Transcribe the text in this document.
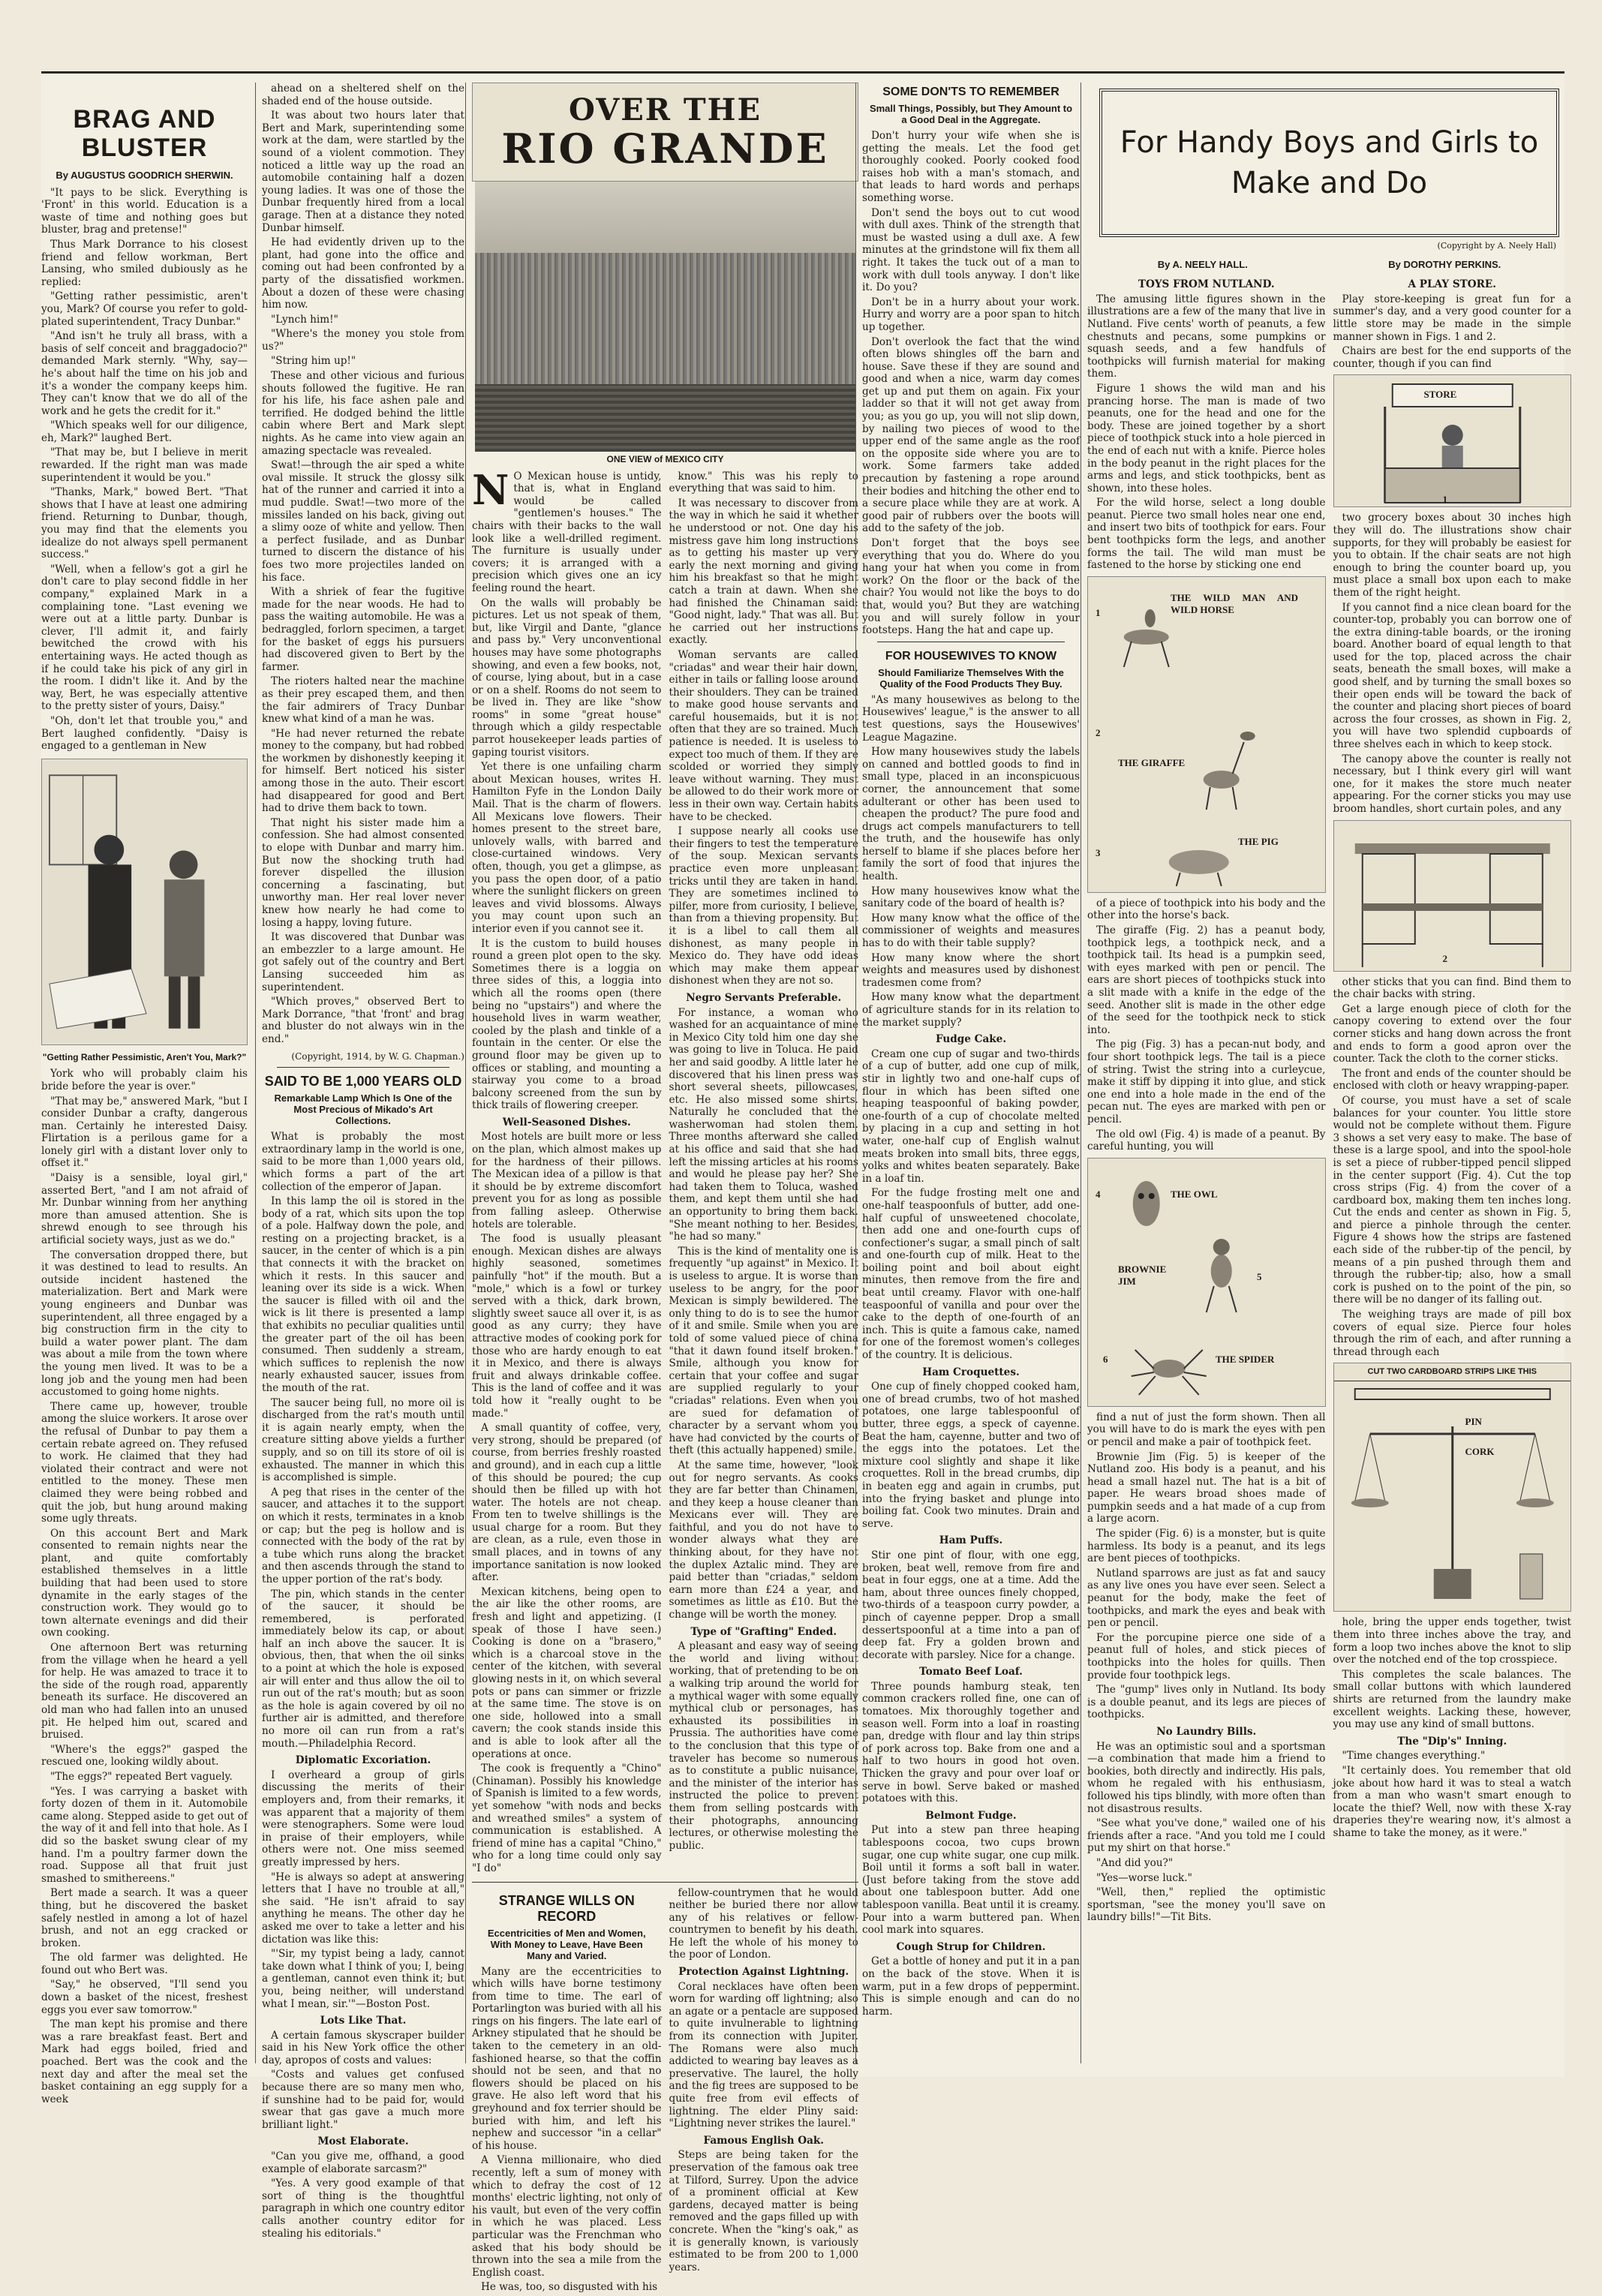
BRAG AND BLUSTER
By AUGUSTUS GOODRICH SHERWIN.

"It pays to be slick. Everything is 'Front' in this world. Education is a waste of time and nothing goes but bluster, brag and pretense!"

Thus Mark Dorrance to his closest friend and fellow workman, Bert Lansing, who smiled dubiously as he replied:

"Getting rather pessimistic, aren't you, Mark? Of course you refer to gold-plated superintendent, Tracy Dunbar."

"And isn't he truly all brass, with a basis of self conceit and braggadocio?" demanded Mark sternly. "Why, say—he's about half the time on his job and it's a wonder the company keeps him. They can't know that we do all of the work and he gets the credit for it."

"Which speaks well for our diligence, eh, Mark?" laughed Bert.

"That may be, but I believe in merit rewarded. If the right man was made superintendent it would be you."

"Thanks, Mark," bowed Bert. "That shows that I have at least one admiring friend. Returning to Dunbar, though, you may find that the elements you idealize do not always spell permanent success."

"Well, when a fellow's got a girl he don't care to play second fiddle in her company," explained Mark in a complaining tone. "Last evening we were out at a little party. Dunbar is clever, I'll admit it, and fairly bewitched the crowd with his entertaining ways. He acted though as if he could take his pick of any girl in the room. I didn't like it. And by the way, Bert, he was especially attentive to the pretty sister of yours, Daisy."

"Oh, don't let that trouble you," and Bert laughed confidently. "Daisy is engaged to a gentleman in New

"Getting Rather Pessimistic, Aren't You, Mark?"

York who will probably claim his bride before the year is over."

"That may be," answered Mark, "but I consider Dunbar a crafty, dangerous man. Certainly he interested Daisy. Flirtation is a perilous game for a lonely girl with a distant lover only to offset it."

"Daisy is a sensible, loyal girl," asserted Bert, "and I am not afraid of Mr. Dunbar winning from her anything more than amused attention. She is shrewd enough to see through his artificial society ways, just as we do."

The conversation dropped there, but it was destined to lead to results. An outside incident hastened the materialization. Bert and Mark were young engineers and Dunbar was superintendent, all three engaged by a big construction firm in the city to build a water power plant. The dam was about a mile from the town where the young men lived. It was to be a long job and the young men had been accustomed to going home nights.

There came up, however, trouble among the sluice workers. It arose over the refusal of Dunbar to pay them a certain rebate agreed on. They refused to work. He claimed that they had violated their contract and were not entitled to the money. These men claimed they were being robbed and quit the job, but hung around making some ugly threats.

On this account Bert and Mark consented to remain nights near the plant, and quite comfortably established themselves in a little building that had been used to store dynamite in the early stages of the construction work. They would go to town alternate evenings and did their own cooking.

One afternoon Bert was returning from the village when he heard a yell for help. He was amazed to trace it to the side of the rough road, apparently beneath its surface. He discovered an old man who had fallen into an unused pit. He helped him out, scared and bruised.

"Where's the eggs?" gasped the rescued one, looking wildly about.

"The eggs?" repeated Bert vaguely.

"Yes. I was carrying a basket with forty dozen of them in it. Automobile came along. Stepped aside to get out of the way of it and fell into that hole. As I did so the basket swung clear of my hand. I'm a poultry farmer down the road. Suppose all that fruit just smashed to smithereens."

Bert made a search. It was a queer thing, but he discovered the basket safely nestled in among a lot of hazel brush, and not an egg cracked or broken.

The old farmer was delighted. He found out who Bert was.

"Say," he observed, "I'll send you down a basket of the nicest, freshest eggs you ever saw tomorrow."

The man kept his promise and there was a rare breakfast feast. Bert and Mark had eggs boiled, fried and poached. Bert was the cook and the next day and after the meal set the basket containing an egg supply for a week

ahead on a sheltered shelf on the shaded end of the house outside.

It was about two hours later that Bert and Mark, superintending some work at the dam, were startled by the sound of a violent commotion. They noticed a little way up the road an automobile containing half a dozen young ladies. It was one of those the Dunbar frequently hired from a local garage. Then at a distance they noted Dunbar himself.

He had evidently driven up to the plant, had gone into the office and coming out had been confronted by a party of the dissatisfied workmen. About a dozen of these were chasing him now.

"Lynch him!"

"Where's the money you stole from us?"

"String him up!"

These and other vicious and furious shouts followed the fugitive. He ran for his life, his face ashen pale and terrified. He dodged behind the little cabin where Bert and Mark slept nights. As he came into view again an amazing spectacle was revealed.

Swat!—through the air sped a white oval missile. It struck the glossy silk hat of the runner and carried it into a mud puddle. Swat!—two more of the missiles landed on his back, giving out a slimy ooze of white and yellow. Then a perfect fusilade, and as Dunbar turned to discern the distance of his foes two more projectiles landed on his face.

With a shriek of fear the fugitive made for the near woods. He had to pass the waiting automobile. He was a bedraggled, forlorn specimen, a target for the basket of eggs his pursuers had discovered given to Bert by the farmer.

The rioters halted near the machine as their prey escaped them, and then the fair admirers of Tracy Dunbar knew what kind of a man he was.

"He had never returned the rebate money to the company, but had robbed the workmen by dishonestly keeping it for himself. Bert noticed his sister among those in the auto. Their escort had disappeared for good and Bert had to drive them back to town.

That night his sister made him a confession. She had almost consented to elope with Dunbar and marry him. But now the shocking truth had forever dispelled the illusion concerning a fascinating, but unworthy man. Her real lover never knew how nearly he had come to losing a happy, loving future.

It was discovered that Dunbar was an embezzler to a large amount. He got safely out of the country and Bert Lansing succeeded him as superintendent.

"Which proves," observed Bert to Mark Dorrance, "that 'front' and brag and bluster do not always win in the end."

(Copyright, 1914, by W. G. Chapman.)
SAID TO BE 1,000 YEARS OLD
Remarkable Lamp Which Is One of the Most Precious of Mikado's Art Collections.

What is probably the most extraordinary lamp in the world is one, said to be more than 1,000 years old, which forms a part of the art collection of the emperor of Japan.

In this lamp the oil is stored in the body of a rat, which sits upon the top of a pole. Halfway down the pole, and resting on a projecting bracket, is a saucer, in the center of which is a pin that connects it with the bracket on which it rests. In this saucer and leaning over its side is a wick. When the saucer is filled with oil and the wick is lit there is presented a lamp that exhibits no peculiar qualities until the greater part of the oil has been consumed. Then suddenly a stream, which suffices to replenish the now nearly exhausted saucer, issues from the mouth of the rat.

The saucer being full, no more oil is discharged from the rat's mouth until it is again nearly empty, when the creature sitting above yields a further supply, and so on till its store of oil is exhausted. The manner in which this is accomplished is simple.

A peg that rises in the center of the saucer, and attaches it to the support on which it rests, terminates in a knob or cap; but the peg is hollow and is connected with the body of the rat by a tube which runs along the bracket and then ascends through the stand to the upper portion of the rat's body.

The pin, which stands in the center of the saucer, it should be remembered, is perforated immediately below its cap, or about half an inch above the saucer. It is obvious, then, that when the oil sinks to a point at which the hole is exposed air will enter and thus allow the oil to run out of the rat's mouth; but as soon as the hole is again covered by oil no further air is admitted, and therefore no more oil can run from a rat's mouth.—Philadelphia Record.

Diplomatic Excoriation.

I overheard a group of girls discussing the merits of their employers and, from their remarks, it was apparent that a majority of them were stenographers. Some were loud in praise of their employers, while others were not. One miss seemed greatly impressed by hers.

"He is always so adept at answering letters that I have no trouble at all," she said. "He isn't afraid to say anything he means. The other day he asked me over to take a letter and his dictation was like this:

"'Sir, my typist being a lady, cannot take down what I think of you; I, being a gentleman, cannot even think it; but you, being neither, will understand what I mean, sir.'"—Boston Post.

Lots Like That.

A certain famous skyscraper builder said in his New York office the other day, apropos of costs and values:

"Costs and values get confused because there are so many men who, if sunshine had to be paid for, would swear that gas gave a much more brilliant light."

Most Elaborate.

"Can you give me, offhand, a good example of elaborate sarcasm?"

"Yes. A very good example of that sort of thing is the thoughtful paragraph in which one country editor calls another country editor for stealing his editorials."

OVER THE
RIO GRANDE
ONE VIEW of MEXICO CITY

N O Mexican house is untidy, that is, what in England would be called "gentlemen's houses." The chairs with their backs to the wall look like a well-drilled regiment. The furniture is usually under covers; it is arranged with a precision which gives one an icy feeling round the heart.

On the walls will probably be pictures. Let us not speak of them, but, like Virgil and Dante, "glance and pass by." Very unconventional houses may have some photographs showing, and even a few books, not, of course, lying about, but in a case or on a shelf. Rooms do not seem to be lived in. They are like "show rooms" in some "great house" through which a gildy respectable parrot housekeeper leads parties of gaping tourist visitors.

Yet there is one unfailing charm about Mexican houses, writes H. Hamilton Fyfe in the London Daily Mail. That is the charm of flowers. All Mexicans love flowers. Their homes present to the street bare, unlovely walls, with barred and close-curtained windows. Very often, though, you get a glimpse, as you pass the open door, of a patio where the sunlight flickers on green leaves and vivid blossoms. Always you may count upon such an interior even if you cannot see it.

It is the custom to build houses round a green plot open to the sky. Sometimes there is a loggia on three sides of this, a loggia into which all the rooms open (there being no "upstairs") and where the household lives in warm weather, cooled by the plash and tinkle of a fountain in the center. Or else the ground floor may be given up to offices or stabling, and mounting a stairway you come to a broad balcony screened from the sun by thick trails of flowering creeper.

Well-Seasoned Dishes.

Most hotels are built more or less on the plan, which almost makes up for the hardness of their pillows. The Mexican idea of a pillow is that it should be by extreme discomfort prevent you for as long as possible from falling asleep. Otherwise hotels are tolerable.

The food is usually pleasant enough. Mexican dishes are always highly seasoned, sometimes painfully "hot" if the mouth. But a "mole," which is a fowl or turkey served with a thick, dark brown, slightly sweet sauce all over it, is as good as any curry; they have attractive modes of cooking pork for those who are hardy enough to eat it in Mexico, and there is always fruit and always drinkable coffee. This is the land of coffee and it was told how it "really ought to be made."

A small quantity of coffee, very, very strong, should be prepared (of course, from berries freshly roasted and ground), and in each cup a little of this should be poured; the cup should then be filled up with hot water. The hotels are not cheap. From ten to twelve shillings is the usual charge for a room. But they are clean, as a rule, even those in small places, and in towns of any importance sanitation is now looked after.

Mexican kitchens, being open to the air like the other rooms, are fresh and light and appetizing. (I speak of those I have seen.) Cooking is done on a "brasero," which is a charcoal stove in the center of the kitchen, with several glowing nests in it, on which several pots or pans can simmer or frizzle at the same time. The stove is on one side, hollowed into a small cavern; the cook stands inside this and is able to look after all the operations at once.

The cook is frequently a "Chino" (Chinaman). Possibly his knowledge of Spanish is limited to a few words, yet somehow "with nods and becks and wreathed smiles" a system of communication is established. A friend of mine has a capital "Chino," who for a long time could only say "I do"

know." This was his reply to everything that was said to him.

It was necessary to discover from the way in which he said it whether he understood or not. One day his mistress gave him long instructions as to getting his master up very early the next morning and giving him his breakfast so that he might catch a train at dawn. When she had finished the Chinaman said: "Good night, lady." That was all. But he carried out her instructions exactly.

Woman servants are called "criadas" and wear their hair down, either in tails or falling loose around their shoulders. They can be trained to make good house servants and careful housemaids, but it is not often that they are so trained. Much patience is needed. It is useless to expect too much of them. If they are scolded or worried they simply leave without warning. They must be allowed to do their work more or less in their own way. Certain habits have to be checked.

I suppose nearly all cooks use their fingers to test the temperature of the soup. Mexican servants practice even more unpleasant tricks until they are taken in hand. They are sometimes inclined to pilfer, more from curiosity, I believe, than from a thieving propensity. But it is a libel to call them all dishonest, as many people in Mexico do. They have odd ideas which may make them appear dishonest when they are not so.

Negro Servants Preferable.

For instance, a woman who washed for an acquaintance of mine in Mexico City told him one day she was going to live in Toluca. He paid her and said goodby. A little later he discovered that his linen press was short several sheets, pillowcases, etc. He also missed some shirts. Naturally he concluded that the washerwoman had stolen them. Three months afterward she called at his office and said that she had left the missing articles at his rooms and would he please pay her? She had taken them to Toluca, washed them, and kept them until she had an opportunity to bring them back. "She meant nothing to her. Besides, "he had so many."

This is the kind of mentality one is frequently "up against" in Mexico. It is useless to argue. It is worse than useless to be angry, for the poor Mexican is simply bewildered. The only thing to do is to see the humor of it and smile. Smile when you are told of some valued piece of china "that it dawn found itself broken." Smile, although you know for certain that your coffee and sugar are supplied regularly to your "criadas" relations. Even when you are sued for defamation of character by a servant whom you have had convicted by the courts of theft (this actually happened) smile.

At the same time, however, "look out for negro servants. As cooks they are far better than Chinamen, and they keep a house cleaner than Mexicans ever will. They are faithful, and you do not have to wonder always what they are thinking about, for they have not the duplex Aztalic mind. They are paid better than "criadas," seldom earn more than £24 a year, and sometimes as little as £10. But the change will be worth the money.

Type of "Grafting" Ended.

A pleasant and easy way of seeing the world and living without working, that of pretending to be on a walking trip around the world for a mythical wager with some equally mythical club or personages, has exhausted its possibilities in Prussia. The authorities have come to the conclusion that this type of traveler has become so numerous as to constitute a public nuisance, and the minister of the interior has instructed the police to prevent them from selling postcards with their photographs, announcing lectures, or otherwise molesting the public.

STRANGE WILLS ON RECORD
Eccentricities of Men and Women, With Money to Leave, Have Been Many and Varied.

Many are the eccentricities to which wills have borne testimony from time to time. The earl of Portarlington was buried with all his rings on his fingers. The late earl of Arkney stipulated that he should be taken to the cemetery in an old-fashioned hearse, so that the coffin should not be seen, and that no flowers should be placed on his grave. He also left word that his greyhound and fox terrier should be buried with him, and left his nephew and successor "in a cellar" of his house.

A Vienna millionaire, who died recently, left a sum of money with which to defray the cost of 12 months' electric lighting, not only of his vault, but even of the very coffin in which he was placed. Less particular was the Frenchman who asked that his body should be thrown into the sea a mile from the English coast.

He was, too, so disgusted with his

fellow-countrymen that he would neither be buried there nor allow any of his relatives or fellow-countrymen to benefit by his death. He left the whole of his money to the poor of London.

Protection Against Lightning.

Coral necklaces have often been worn for warding off lightning; also an agate or a pentacle are supposed to quite invulnerable to lightning from its connection with Jupiter. The Romans were also much addicted to wearing bay leaves as a preservative. The laurel, the holly and the fig trees are supposed to be quite free from evil effects of lightning. The elder Pliny said: "Lightning never strikes the laurel."

Famous English Oak.

Steps are being taken for the preservation of the famous oak tree at Tilford, Surrey. Upon the advice of a prominent official at Kew gardens, decayed matter is being removed and the gaps filled up with concrete. When the "king's oak," as it is generally known, is variously estimated to be from 200 to 1,000 years.

SOME DON'TS TO REMEMBER
Small Things, Possibly, but They Amount to a Good Deal in the Aggregate.

Don't hurry your wife when she is getting the meals. Let the food get thoroughly cooked. Poorly cooked food raises hob with a man's stomach, and that leads to hard words and perhaps something worse.

Don't send the boys out to cut wood with dull axes. Think of the strength that must be wasted using a dull axe. A few minutes at the grindstone will fix them all right. It takes the tuck out of a man to work with dull tools anyway. I don't like it. Do you?

Don't be in a hurry about your work. Hurry and worry are a poor span to hitch up together.

Don't overlook the fact that the wind often blows shingles off the barn and house. Save these if they are sound and good and when a nice, warm day comes get up and put them on again. Fix your ladder so that it will not get away from you; as you go up, you will not slip down, by nailing two pieces of wood to the upper end of the same angle as the roof on the opposite side where you are to work. Some farmers take added precaution by fastening a rope around their bodies and hitching the other end to a secure place while they are at work. A good pair of rubbers over the boots will add to the safety of the job.

Don't forget that the boys see everything that you do. Where do you hang your hat when you come in from work? On the floor or the back of the chair? You would not like the boys to do that, would you? But they are watching you and will surely follow in your footsteps. Hang the hat and cape up.

FOR HOUSEWIVES TO KNOW
Should Familiarize Themselves With the Quality of the Food Products They Buy.

"As many housewives as belong to the Housewives' league," is the answer to all test questions, says the Housewives' League Magazine.

How many housewives study the labels on canned and bottled goods to find in small type, placed in an inconspicuous corner, the announcement that some adulterant or other has been used to cheapen the product? The pure food and drugs act compels manufacturers to tell the truth, and the housewife has only herself to blame if she places before her family the sort of food that injures the health.

How many housewives know what the sanitary code of the board of health is?

How many know what the office of the commissioner of weights and measures has to do with their table supply?

How many know where the short weights and measures used by dishonest tradesmen come from?

How many know what the department of agriculture stands for in its relation to the market supply?

Fudge Cake.

Cream one cup of sugar and two-thirds of a cup of butter, add one cup of milk, stir in lightly two and one-half cups of flour in which has been sifted one heaping teaspoonful of baking powder, one-fourth of a cup of chocolate melted by placing in a cup and setting in hot water, one-half cup of English walnut meats broken into small bits, three eggs, yolks and whites beaten separately. Bake in a loaf tin.

For the fudge frosting melt one and one-half teaspoonfuls of butter, add one-half cupful of unsweetened chocolate, then add one and one-fourth cups of confectioner's sugar, a small pinch of salt and one-fourth cup of milk. Heat to the boiling point and boil about eight minutes, then remove from the fire and beat until creamy. Flavor with one-half teaspoonful of vanilla and pour over the cake to the depth of one-fourth of an inch. This is quite a famous cake, named for one of the foremost women's colleges of the country. It is delicious.

Ham Croquettes.

One cup of finely chopped cooked ham, one of bread crumbs, two of hot mashed potatoes, one large tablespoonful of butter, three eggs, a speck of cayenne. Beat the ham, cayenne, butter and two of the eggs into the potatoes. Let the mixture cool slightly and shape it like croquettes. Roll in the bread crumbs, dip in beaten egg and again in crumbs, put into the frying basket and plunge into boiling fat. Cook two minutes. Drain and serve.

Ham Puffs.

Stir one pint of flour, with one egg, broken, beat well, remove from fire and beat in four eggs, one at a time. Add the ham, about three ounces finely chopped, two-thirds of a teaspoon curry powder, a pinch of cayenne pepper. Drop a small dessertspoonful at a time into a pan of deep fat. Fry a golden brown and decorate with parsley. Nice for a change.

Tomato Beef Loaf.

Three pounds hamburg steak, ten common crackers rolled fine, one can of tomatoes. Mix thoroughly together and season well. Form into a loaf in roasting pan, dredge with flour and lay thin strips of pork across top. Bake from one and a half to two hours in good hot oven. Thicken the gravy and pour over loaf or serve in bowl. Serve baked or mashed potatoes with this.

Belmont Fudge.

Put into a stew pan three heaping tablespoons cocoa, two cups brown sugar, one cup white sugar, one cup milk. Boil until it forms a soft ball in water. (Just before taking from the stove add about one tablespoon butter. Add one tablespoon vanilla. Beat until it is creamy. Pour into a warm buttered pan. When cool mark into squares.

Cough Strup for Children.

Get a bottle of honey and put it in a pan on the back of the stove. When it is warm, put in a few drops of peppermint. This is simple enough and can do no harm.

For Handy Boys and Girls to Make and Do
(Copyright by A. Neely Hall)
By A. NEELY HALL.	By DOROTHY PERKINS.
TOYS FROM NUTLAND.

The amusing little figures shown in the illustrations are a few of the many that live in Nutland. Five cents' worth of peanuts, a few chestnuts and pecans, some pumpkins or squash seeds, and a few handfuls of toothpicks will furnish material for making them.

Figure 1 shows the wild man and his prancing horse. The man is made of two peanuts, one for the head and one for the body. These are joined together by a short piece of toothpick stuck into a hole pierced in the end of each nut with a knife. Pierce holes in the body peanut in the right places for the arms and legs, and stick toothpicks, bent as shown, into these holes.

For the wild horse, select a long double peanut. Pierce two small holes near one end, and insert two bits of toothpick for ears. Four bent toothpicks form the legs, and another forms the tail. The wild man must be fastened to the horse by sticking one end

1
THE WILD MAN AND WILD HORSE
2
THE GIRAFFE
3
THE PIG

of a piece of toothpick into his body and the other into the horse's back.

The giraffe (Fig. 2) has a peanut body, toothpick legs, a toothpick neck, and a toothpick tail. Its head is a pumpkin seed, with eyes marked with pen or pencil. The ears are short pieces of toothpicks stuck into a slit made with a knife in the edge of the seed. Another slit is made in the other edge of the seed for the toothpick neck to stick into.

The pig (Fig. 3) has a pecan-nut body, and four short toothpick legs. The tail is a piece of string. Twist the string into a curleycue, make it stiff by dipping it into glue, and stick one end into a hole made in the end of the pecan nut. The eyes are marked with pen or pencil.

The old owl (Fig. 4) is made of a peanut. By careful hunting, you will

4	THE OWL
BROWNIE JIM	5
6	THE SPIDER

find a nut of just the form shown. Then all you will have to do is mark the eyes with pen or pencil and make a pair of toothpick feet.

Brownie Jim (Fig. 5) is keeper of the Nutland zoo. His body is a peanut, and his head a small hazel nut. The hat is a bit of paper. He wears broad shoes made of pumpkin seeds and a hat made of a cup from a large acorn.

The spider (Fig. 6) is a monster, but is quite harmless. Its body is a peanut, and its legs are bent pieces of toothpicks.

Nutland sparrows are just as fat and saucy as any live ones you have ever seen. Select a peanut for the body, make the feet of toothpicks, and mark the eyes and beak with pen or pencil.

For the porcupine pierce one side of a peanut full of holes, and stick pieces of toothpicks into the holes for quills. Then provide four toothpick legs.

The "gump" lives only in Nutland. Its body is a double peanut, and its legs are pieces of toothpicks.

No Laundry Bills.

He was an optimistic soul and a sportsman—a combination that made him a friend to bookies, both directly and indirectly. His pals, whom he regaled with his enthusiasm, followed his tips blindly, with more often than not disastrous results.

"See what you've done," wailed one of his friends after a race. "And you told me I could put my shirt on that horse."

"And did you?"

"Yes—worse luck."

"Well, then," replied the optimistic sportsman, "see the money you'll save on laundry bills!"—Tit Bits.

A PLAY STORE.

Play store-keeping is great fun for a summer's day, and a very good counter for a little store may be made in the simple manner shown in Figs. 1 and 2.

Chairs are best for the end supports of the counter, though if you can find

STORE
1

two grocery boxes about 30 inches high they will do. The illustrations show chair supports, for they will probably be easiest for you to obtain. If the chair seats are not high enough to bring the counter board up, you must place a small box upon each to make them of the right height.

If you cannot find a nice clean board for the counter-top, probably you can borrow one of the extra dining-table boards, or the ironing board. Another board of equal length to that used for the top, placed across the chair seats, beneath the small boxes, will make a good shelf, and by turning the small boxes so their open ends will be toward the back of the counter and placing short pieces of board across the four crosses, as shown in Fig. 2, you will have two splendid cupboards of three shelves each in which to keep stock.

The canopy above the counter is really not necessary, but I think every girl will want one, for it makes the store much neater appearing. For the corner sticks you may use broom handles, short curtain poles, and any

2

other sticks that you can find. Bind them to the chair backs with string.

Get a large enough piece of cloth for the canopy covering to extend over the four corner sticks and hang down across the front and ends to form a good apron over the counter. Tack the cloth to the corner sticks.

The front and ends of the counter should be enclosed with cloth or heavy wrapping-paper.

Of course, you must have a set of scale balances for your counter. You little store would not be complete without them. Figure 3 shows a set very easy to make. The base of these is a large spool, and into the spool-hole is set a piece of rubber-tipped pencil slipped in the center support (Fig. 4). Cut the top cross strips (Fig. 4) from the cover of a cardboard box, making them ten inches long. Cut the ends and center as shown in Fig. 5, and pierce a pinhole through the center. Figure 4 shows how the strips are fastened each side of the rubber-tip of the pencil, by means of a pin pushed through them and through the rubber-tip; also, how a small cork is pushed on to the point of the pin, so there will be no danger of its falling out.

The weighing trays are made of pill box covers of equal size. Pierce four holes through the rim of each, and after running a thread through each

CUT TWO CARDBOARD STRIPS LIKE THIS
PIN
CORK

hole, bring the upper ends together, twist them into three inches above the tray, and form a loop two inches above the knot to slip over the notched end of the top crosspiece.

This completes the scale balances. The small collar buttons with which laundered shirts are returned from the laundry make excellent weights. Lacking these, however, you may use any kind of small buttons.

The "Dip's" Inning.

"Time changes everything."

"It certainly does. You remember that old joke about how hard it was to steal a watch from a man who wasn't smart enough to locate the thief? Well, now with these X-ray draperies they're wearing now, it's almost a shame to take the money, as it were."
